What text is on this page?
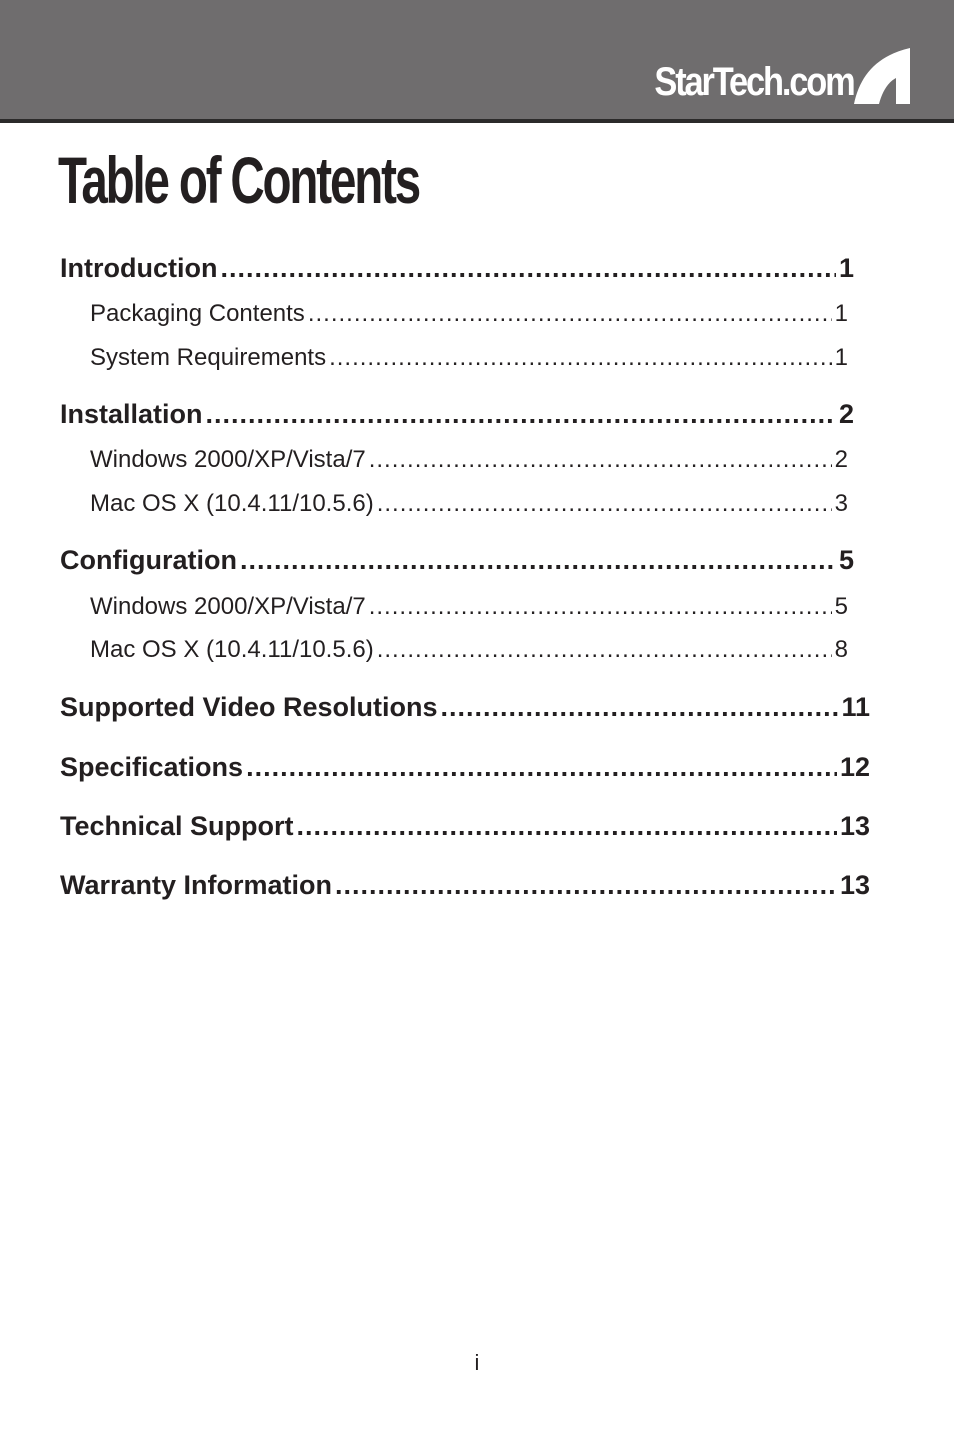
StarTech.com
Table of Contents
Introduction .....	1
Packaging Contents .....	1
System Requirements .....	1
Installation .....	2
Windows 2000/XP/Vista/7 .....	2
Mac OS X (10.4.11/10.5.6) .....	3
Configuration .....	5
Windows 2000/XP/Vista/7 .....	5
Mac OS X (10.4.11/10.5.6) .....	8
Supported Video Resolutions .....	11
Specifications .....	12
Technical Support .....	13
Warranty Information .....	13
i
